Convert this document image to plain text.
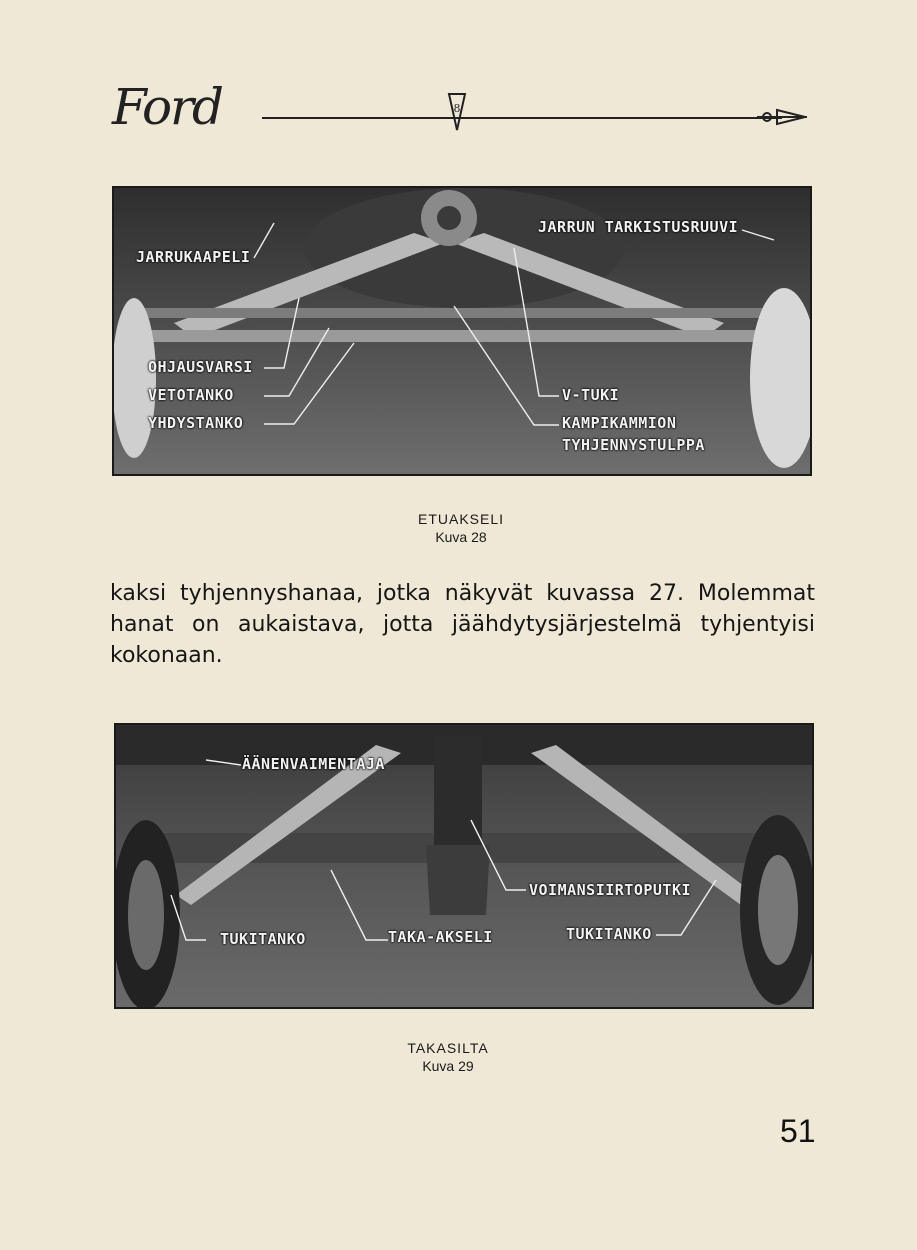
Ford	8
JARRUKAAPELI
JARRUN TARKISTUSRUUVI
OHJAUSVARSI
VETOTANKO
YHDYSTANKO
V-TUKI
KAMPIKAMMION
TYHJENNYSTULPPA
ETUAKSELI
Kuva 28

kaksi tyhjennyshanaa, jotka näkyvät kuvassa 27. Molemmat hanat on aukaistava, jotta jäähdytysjärjestelmä tyhjentyisi kokonaan.

ÄÄNENVAIMENTAJA
VOIMANSIIRTOPUTKI
TUKITANKO	TAKA-AKSELI	TUKITANKO
TAKASILTA
Kuva 29
51
